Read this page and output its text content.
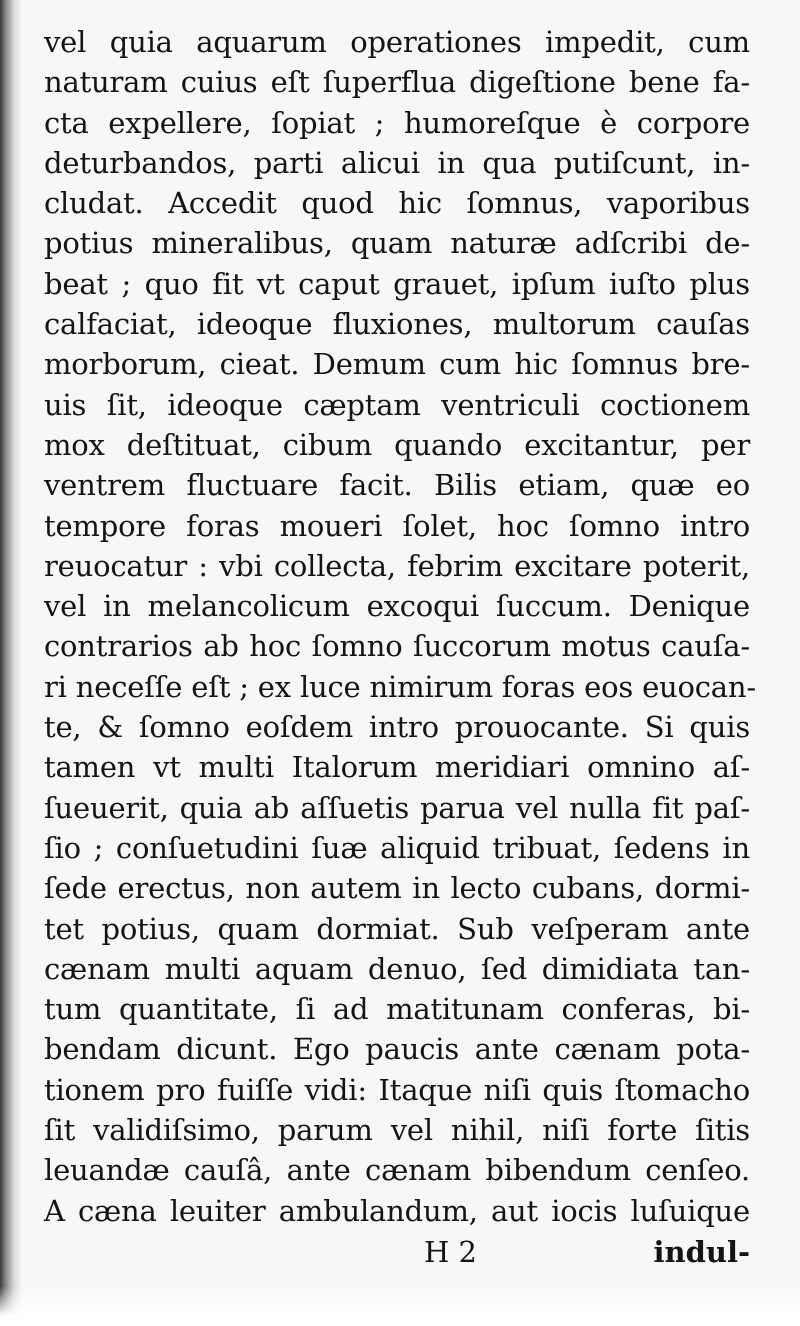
vel quia aquarum operationes impedit, cum
naturam cuius eſt ſuperflua digeſtione bene fa-
cta expellere, ſopiat ; humoreſque è corpore
deturbandos, parti alicui in qua putiſcunt, in-
cludat. Accedit quod hic ſomnus, vaporibus
potius mineralibus, quam naturæ adſcribi de-
beat ; quo fit vt caput grauet, ipſum iuſto plus
calfaciat, ideoque fluxiones, multorum cauſas
morborum, cieat. Demum cum hic ſomnus bre-
uis ſit, ideoque cæptam ventriculi coctionem
mox deſtituat, cibum quando excitantur, per
ventrem fluctuare facit. Bilis etiam, quæ eo
tempore foras moueri ſolet, hoc ſomno intro
reuocatur : vbi collecta, febrim excitare poterit,
vel in melancolicum excoqui ſuccum. Denique
contrarios ab hoc ſomno ſuccorum motus cauſa-
ri neceſſe eſt ; ex luce nimirum foras eos euocan-
te, & ſomno eoſdem intro prouocante. Si quis
tamen vt multi Italorum meridiari omnino aſ-
ſueuerit, quia ab aſſuetis parua vel nulla fit paſ-
ſio ; conſuetudini ſuæ aliquid tribuat, ſedens in
ſede erectus, non autem in lecto cubans, dormi-
tet potius, quam dormiat. Sub veſperam ante
cænam multi aquam denuo, ſed dimidiata tan-
tum quantitate, ſi ad matitunam conferas, bi-
bendam dicunt. Ego paucis ante cænam pota-
tionem pro fuiſſe vidi: Itaque niſi quis ſtomacho
ſit validiſsimo, parum vel nihil, niſi forte ſitis
leuandæ cauſâ, ante cænam bibendum cenſeo.
A cæna leuiter ambulandum, aut iocis luſuique
H 2	indul-
